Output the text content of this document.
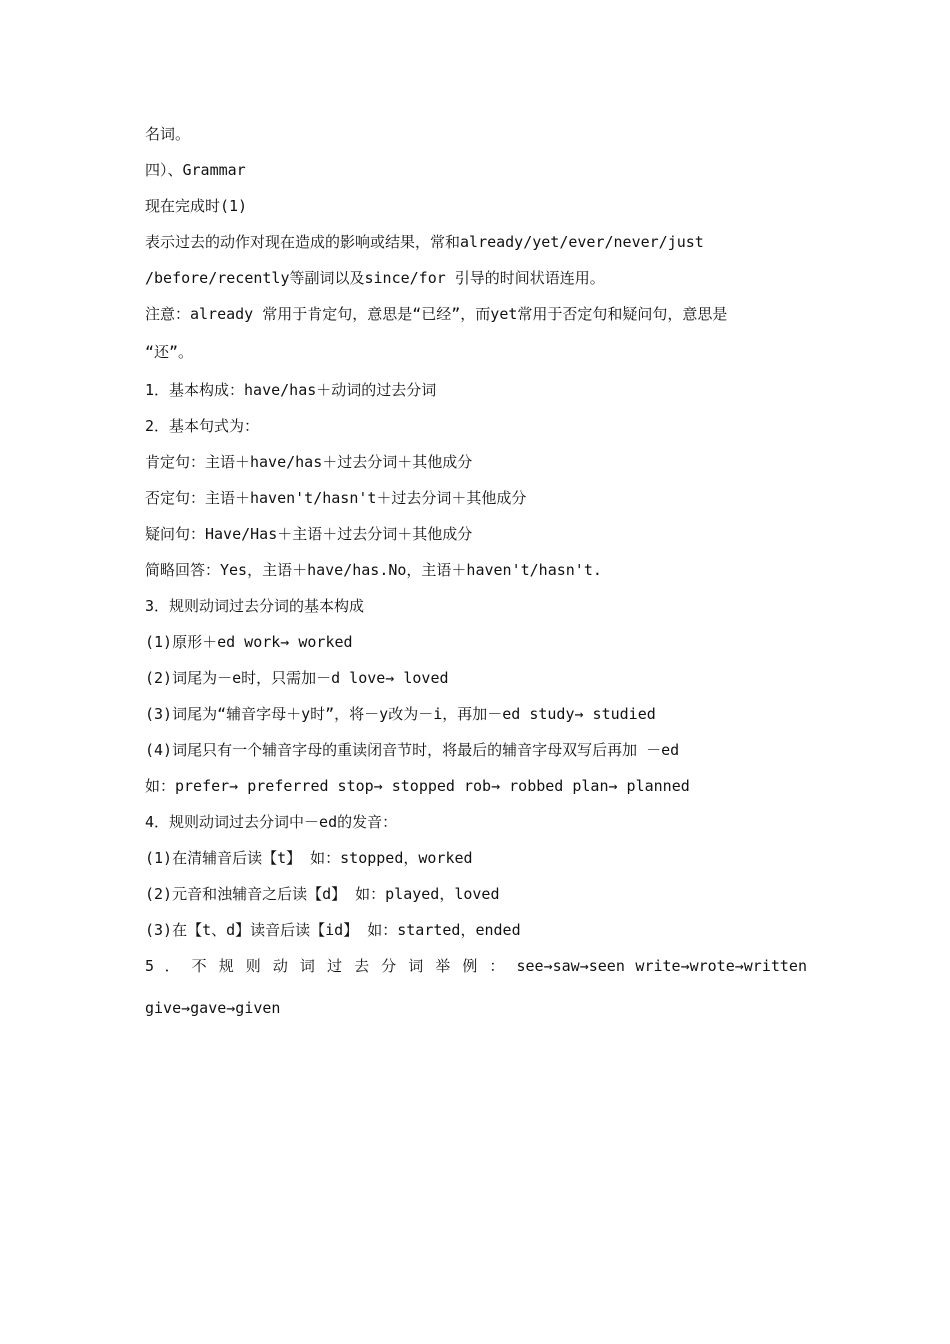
名词。
四）、Grammar
现在完成时(1)
表示过去的动作对现在造成的影响或结果，常和already/yet/ever/never/just
/before/recently等副词以及since/for 引导的时间状语连用。
注意：already 常用于肯定句，意思是“已经”，而yet常用于否定句和疑问句，意思是
“还”。
1．基本构成：have/has＋动词的过去分词
2．基本句式为：
肯定句：主语＋have/has＋过去分词＋其他成分
否定句：主语＋haven't/hasn't＋过去分词＋其他成分
疑问句：Have/Has＋主语＋过去分词＋其他成分
简略回答：Yes，主语＋have/has.No，主语＋haven't/hasn't.
3．规则动词过去分词的基本构成
(1)原形＋ed work→ worked
(2)词尾为－e时，只需加－d love→ loved
(3)词尾为“辅音字母＋y时”，将－y改为－i，再加－ed study→ studied
(4)词尾只有一个辅音字母的重读闭音节时，将最后的辅音字母双写后再加 －ed
如：prefer→ preferred stop→ stopped rob→ robbed plan→ planned
4．规则动词过去分词中－ed的发音：
(1)在清辅音后读【t】 如：stopped，worked
(2)元音和浊辅音之后读【d】 如：played，loved
(3)在【t、d】读音后读【id】 如：started，ended
5 ． 不 规 则 动 词 过 去 分 词 举 例 ： see→saw→seen write→wrote→written
give→gave→given
